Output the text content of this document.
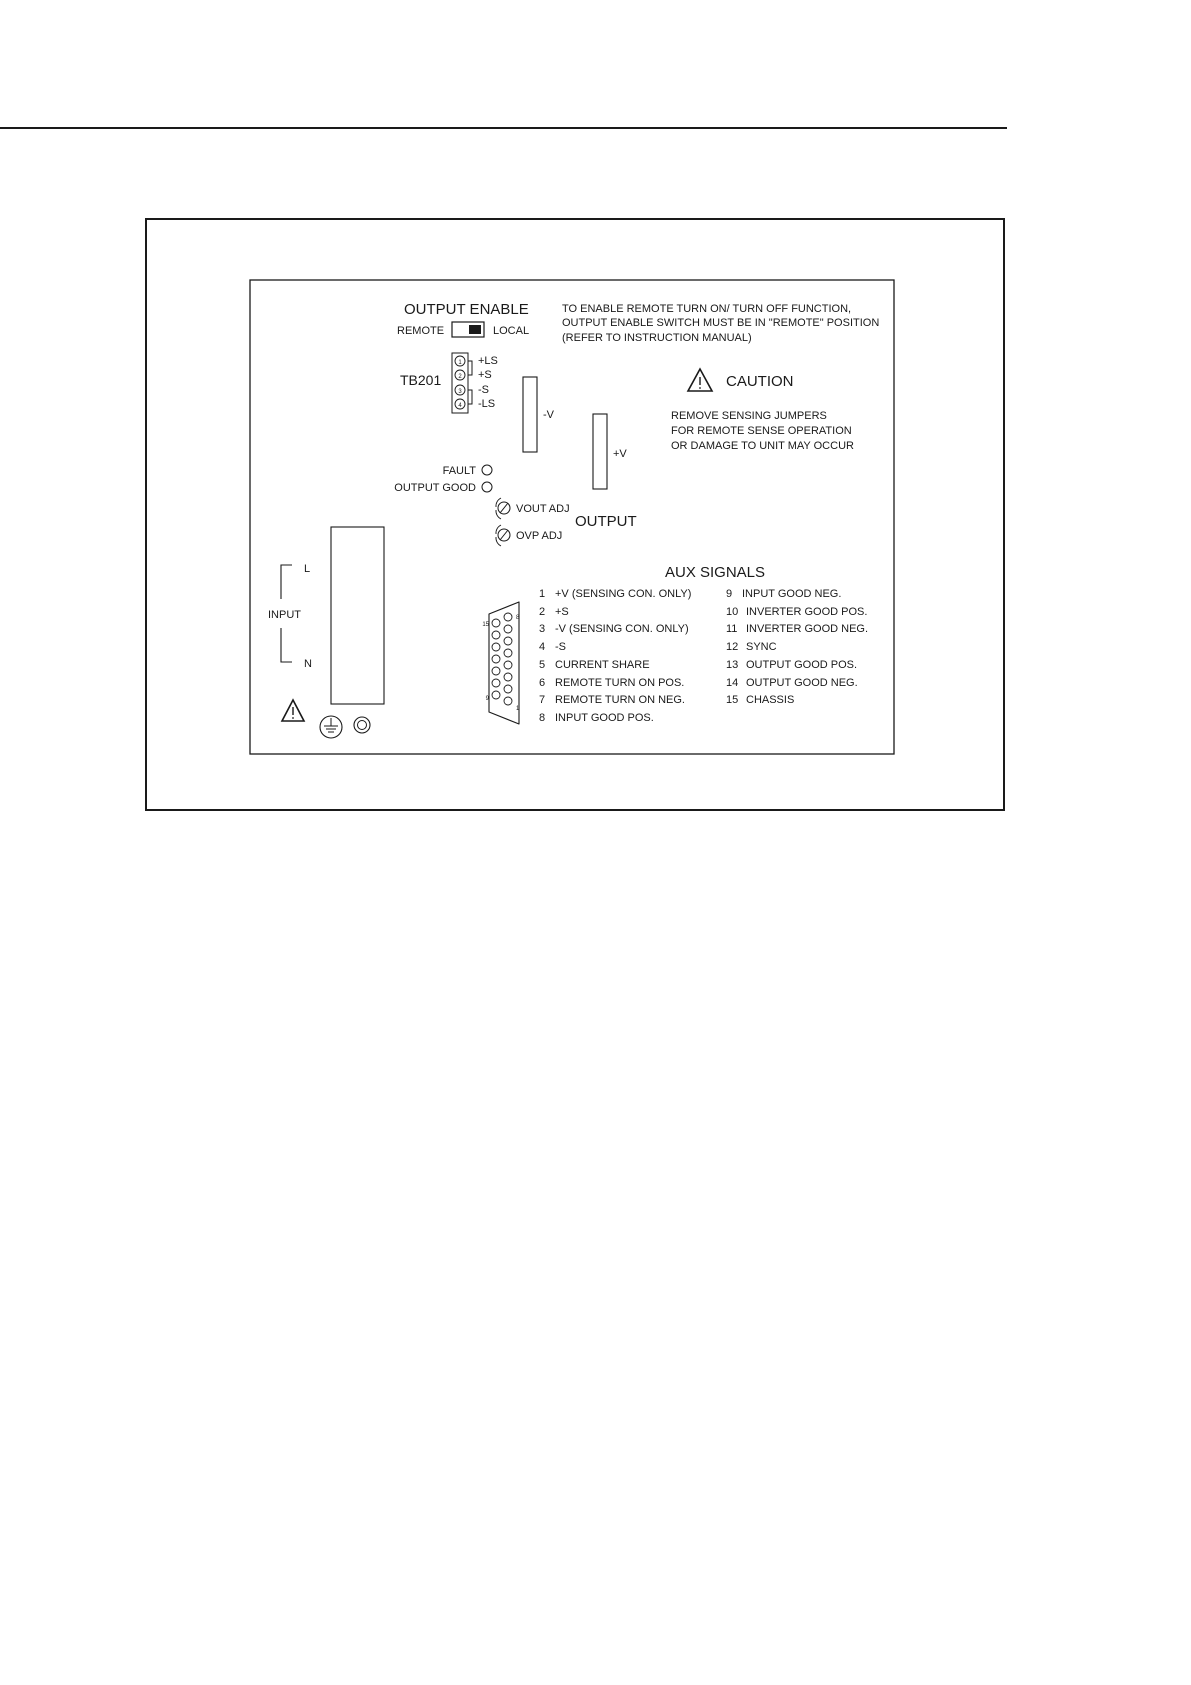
OUTPUT ENABLE
REMOTE	LOCAL
TO ENABLE REMOTE TURN ON/ TURN OFF FUNCTION,
OUTPUT ENABLE SWITCH MUST BE IN "REMOTE" POSITION
(REFER TO INSTRUCTION MANUAL)
TB201
1
2
3
4
+LS
+S
-S
-LS
-V
+V
OUTPUT
CAUTION
REMOVE SENSING JUMPERS
FOR REMOTE SENSE OPERATION
OR DAMAGE TO UNIT MAY OCCUR
FAULT
OUTPUT GOOD
VOUT ADJ
OVP ADJ
INPUT
L
N
15
8
9
1
AUX SIGNALS
1 +V (SENSING CON. ONLY)
2 +S
3 -V (SENSING CON. ONLY)
4 -S
5 CURRENT SHARE
6 REMOTE TURN ON POS.
7 REMOTE TURN ON NEG.
8 INPUT GOOD POS.
9 INPUT GOOD NEG.
10 INVERTER GOOD POS.
11 INVERTER GOOD NEG.
12 SYNC
13 OUTPUT GOOD POS.
14 OUTPUT GOOD NEG.
15 CHASSIS
